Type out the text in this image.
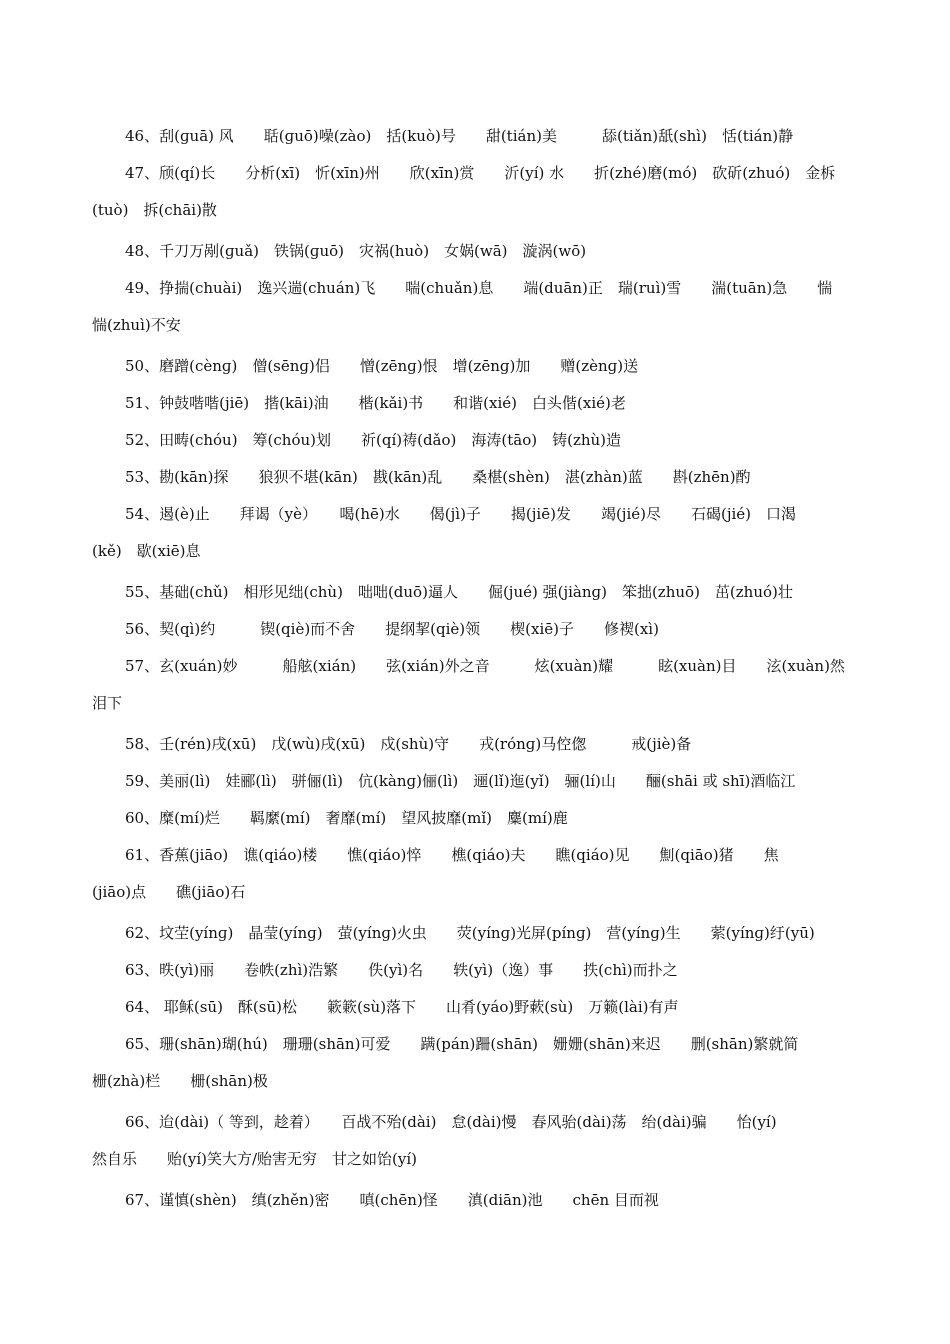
46、刮(ɡuā) 风　　聒(ɡuō)噪(zào)　括(kuò)号　　甜(tián)美　　　舔(tiǎn)舐(shì)　恬(tián)静
47、颀(qí)长　　分析(xī)　忻(xīn)州　　欣(xīn)赏　　沂(yí) 水　　折(zhé)磨(mó)　砍斫(zhuó)　金柝
(tuò)　拆(chāi)散
48、千刀万剐(ɡuǎ)　铁锅(ɡuō)　灾祸(huò)　女娲(wā)　漩涡(wō)
49、挣揣(chuài)　逸兴遄(chuán)飞　　喘(chuǎn)息　　端(duān)正　瑞(ruì)雪　　湍(tuān)急　　惴
惴(zhuì)不安
50、磨蹭(cènɡ)　僧(sēnɡ)侣　　憎(zēnɡ)恨　增(zēnɡ)加　　赠(zènɡ)送
51、钟鼓喈喈(jiē)　揩(kāi)油　　楷(kǎi)书　　和谐(xié)　白头偕(xié)老
52、田畴(chóu)　筹(chóu)划　　祈(qí)祷(dǎo)　海涛(tāo)　铸(zhù)造
53、勘(kān)探　　狼狈不堪(kān)　戡(kān)乱　　桑椹(shèn)　湛(zhàn)蓝　　斟(zhēn)酌
54、遏(è)止　　拜谒（yè）　　喝(hē)水　　偈(jì)子　　揭(jiē)发　　竭(jié)尽　　石碣(jié)　口渴
(kě)　歇(xiē)息
55、基础(chǔ)　相形见绌(chù)　咄咄(duō)逼人　　倔(jué) 强(jiànɡ)　笨拙(zhuō)　茁(zhuó)壮
56、契(qì)约　　　锲(qiè)而不舍　　提纲挈(qiè)领　　楔(xiē)子　　修褉(xì)
57、玄(xuán)妙　　　船舷(xián)　　弦(xián)外之音　　　炫(xuàn)耀　　　眩(xuàn)目　　泫(xuàn)然
泪下
58、壬(rén)戌(xū)　戊(wù)戌(xū)　戍(shù)守　　戎(rónɡ)马倥偬　　　戒(jiè)备
59、美丽(lì)　娃郦(lì)　骈俪(lì)　伉(kànɡ)俪(lì)　逦(lǐ)迤(yǐ)　骊(lí)山　　酾(shāi 或 shī)酒临江
60、糜(mí)烂　　羁縻(mí)　奢靡(mí)　望风披靡(mǐ)　麋(mí)鹿
61、香蕉(jiāo)　谯(qiáo)楼　　憔(qiáo)悴　　樵(qiáo)夫　　瞧(qiáo)见　　劁(qiāo)猪　　焦
(jiāo)点　　礁(jiāo)石
62、坟茔(yínɡ)　晶莹(yínɡ)　萤(yínɡ)火虫　　荧(yínɡ)光屏(pínɡ)　营(yínɡ)生　　萦(yínɡ)纡(yū)
63、昳(yì)丽　　卷帙(zhì)浩繁　　佚(yì)名　　轶(yì)（逸）事　　抶(chì)而扑之
64、 耶稣(sū)　酥(sū)松　　簌簌(sù)落下　　山肴(yáo)野蔌(sù)　万籁(lài)有声
65、珊(shān)瑚(hú)　珊珊(shān)可爱　　蹒(pán)跚(shān)　姗姗(shān)来迟　　删(shān)繁就简
栅(zhà)栏　　栅(shān)极
66、迨(dài)（ 等到，趁着）　　百战不殆(dài)　怠(dài)慢　春风骀(dài)荡　绐(dài)骗　　怡(yí)
然自乐　　贻(yí)笑大方/贻害无穷　甘之如饴(yí)
67、谨慎(shèn)　缜(zhěn)密　　嗔(chēn)怪　　滇(diān)池　　chēn 目而视
